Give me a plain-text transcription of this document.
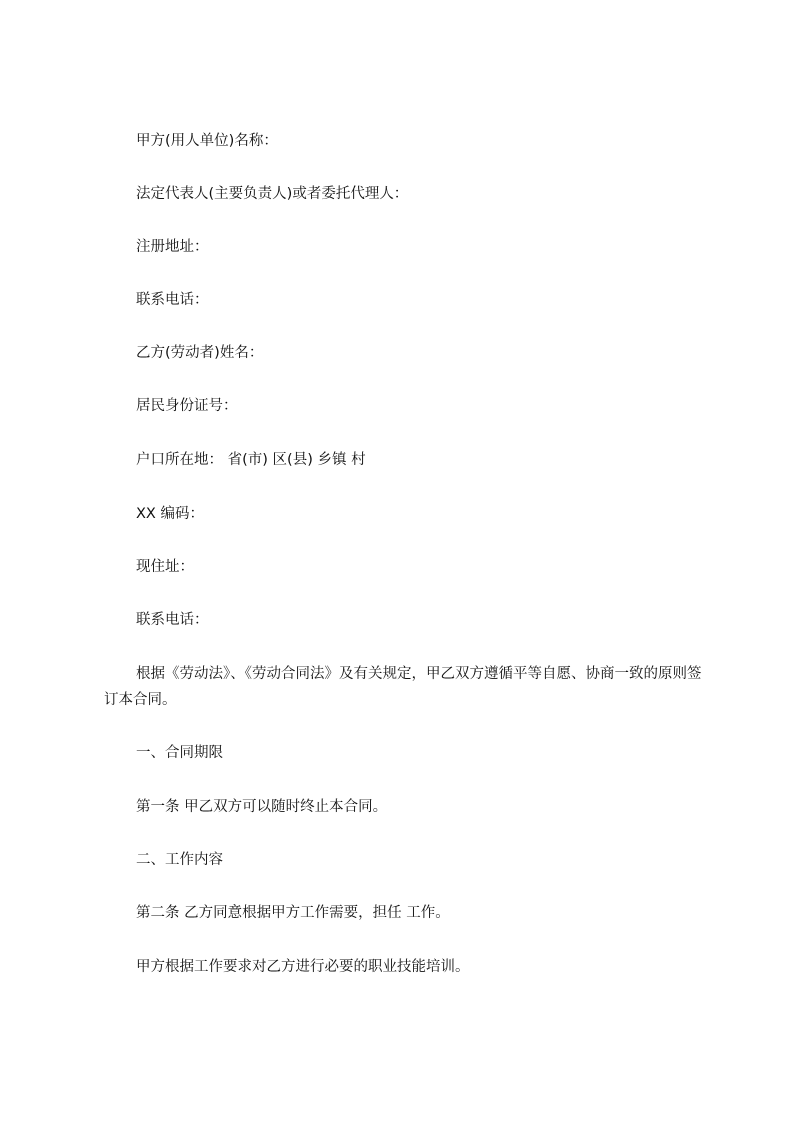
甲方(用人单位)名称：
法定代表人(主要负责人)或者委托代理人：
注册地址：
联系电话：
乙方(劳动者)姓名：
居民身份证号：
户口所在地： 省(市) 区(县) 乡镇 村
XX 编码：
现住址：
联系电话：
根据《劳动法》、《劳动合同法》及有关规定，甲乙双方遵循平等自愿、协商一致的原则签订本合同。
一、合同期限
第一条 甲乙双方可以随时终止本合同。
二、工作内容
第二条 乙方同意根据甲方工作需要，担任 工作。
甲方根据工作要求对乙方进行必要的职业技能培训。
